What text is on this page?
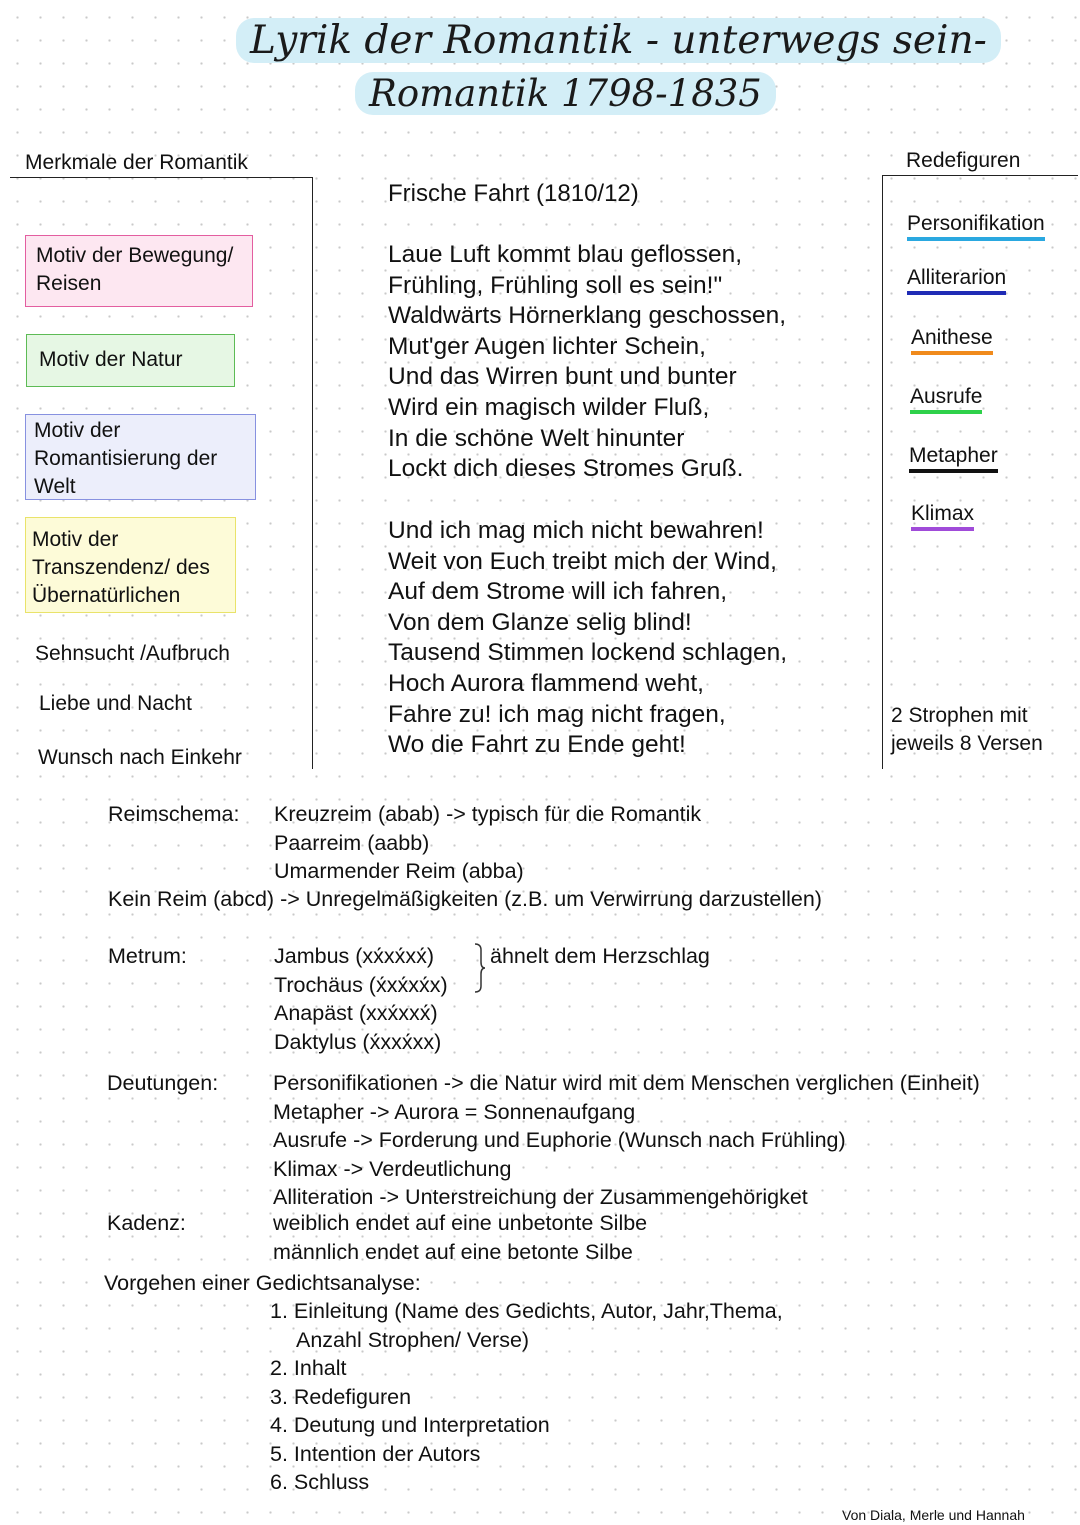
Lyrik der Romantik - unterwegs sein-
Romantik 1798-1835
Merkmale der Romantik
Motiv der Bewegung/ Reisen
Motiv der Natur
Motiv der Romantisierung der Welt
Motiv der Transzendenz/ des Übernatürlichen
Sehnsucht /Aufbruch
Liebe und Nacht
Wunsch nach Einkehr
Redefiguren
Personifikation
Alliterarion
Anithese
Ausrufe
Metapher
Klimax
2 Strophen mit jeweils 8 Versen
Frische Fahrt (1810/12)
Laue Luft kommt blau geflossen,
Frühling, Frühling soll es sein!"
Waldwärts Hörnerklang geschossen,
Mut'ger Augen lichter Schein,
Und das Wirren bunt und bunter
Wird ein magisch wilder Fluß,
In die schöne Welt hinunter
Lockt dich dieses Stromes Gruß.
Und ich mag mich nicht bewahren!
Weit von Euch treibt mich der Wind,
Auf dem Strome will ich fahren,
Von dem Glanze selig blind!
Tausend Stimmen lockend schlagen,
Hoch Aurora flammend weht,
Fahre zu! ich mag nicht fragen,
Wo die Fahrt zu Ende geht!
Reimschema: Kreuzreim (abab) -> typisch für die Romantik
Paarreim (aabb)
Umarmender Reim (abba)
Kein Reim (abcd) -> Unregelmäßigkeiten (z.B. um Verwirrung darzustellen)
Metrum:	Jambus (xx́xx́xx́)
Trochäus (x́xx́xx́x)
Anapäst (xxx́xxx́)
Daktylus (x́xxx́xx)
ähnelt dem Herzschlag
Deutungen:	Personifikationen -> die Natur wird mit dem Menschen verglichen (Einheit)
Metapher -> Aurora = Sonnenaufgang
Ausrufe -> Forderung und Euphorie (Wunsch nach Frühling)
Klimax -> Verdeutlichung
Alliteration -> Unterstreichung der Zusammengehörigket
Kadenz:	weiblich endet auf eine unbetonte Silbe
männlich endet auf eine betonte Silbe
Vorgehen einer Gedichtsanalyse:
1. Einleitung (Name des Gedichts, Autor, Jahr,Thema,
Anzahl Strophen/ Verse)
2. Inhalt
3. Redefiguren
4. Deutung und Interpretation
5. Intention der Autors
6. Schluss
Von Diala, Merle und Hannah
